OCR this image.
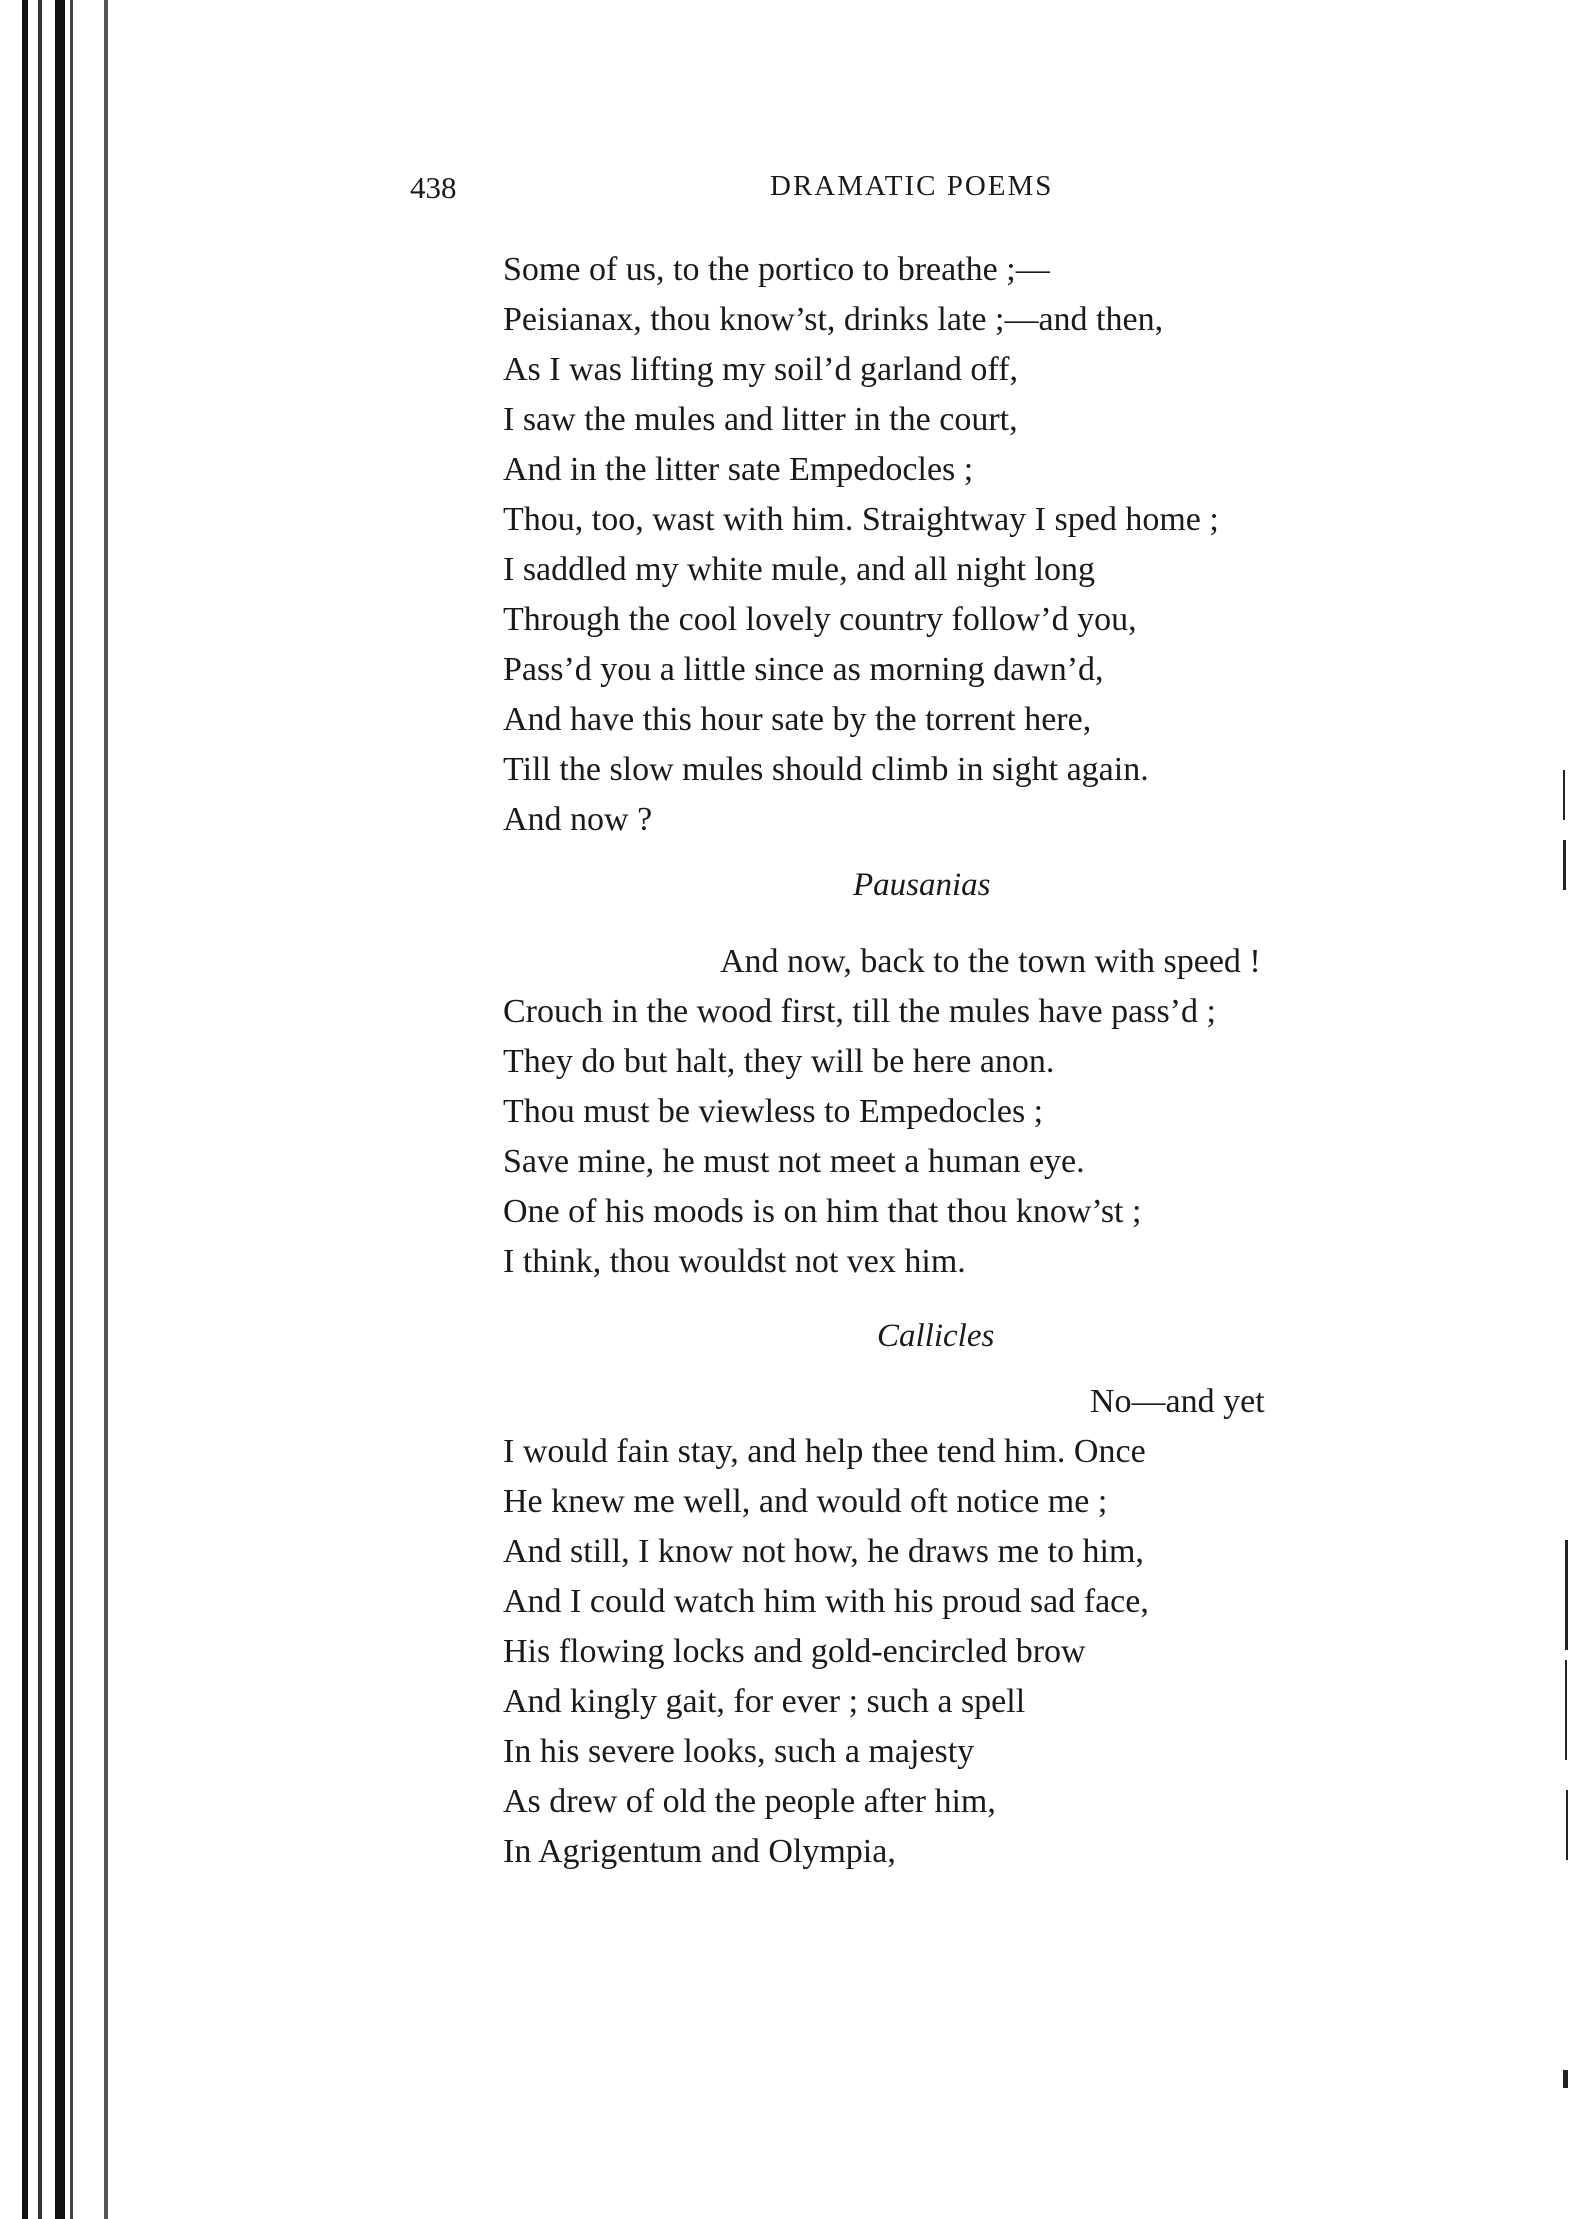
438	DRAMATIC POEMS
Some of us, to the portico to breathe ;—
Peisianax, thou know’st, drinks late ;—and then,
As I was lifting my soil’d garland off,
I saw the mules and litter in the court,
And in the litter sate Empedocles ;
Thou, too, wast with him. Straightway I sped home ;
I saddled my white mule, and all night long
Through the cool lovely country follow’d you,
Pass’d you a little since as morning dawn’d,
And have this hour sate by the torrent here,
Till the slow mules should climb in sight again.
And now ?
Pausanias
And now, back to the town with speed !
Crouch in the wood first, till the mules have pass’d ;
They do but halt, they will be here anon.
Thou must be viewless to Empedocles ;
Save mine, he must not meet a human eye.
One of his moods is on him that thou know’st ;
I think, thou wouldst not vex him.
Callicles
No—and yet
I would fain stay, and help thee tend him. Once
He knew me well, and would oft notice me ;
And still, I know not how, he draws me to him,
And I could watch him with his proud sad face,
His flowing locks and gold-encircled brow
And kingly gait, for ever ; such a spell
In his severe looks, such a majesty
As drew of old the people after him,
In Agrigentum and Olympia,
